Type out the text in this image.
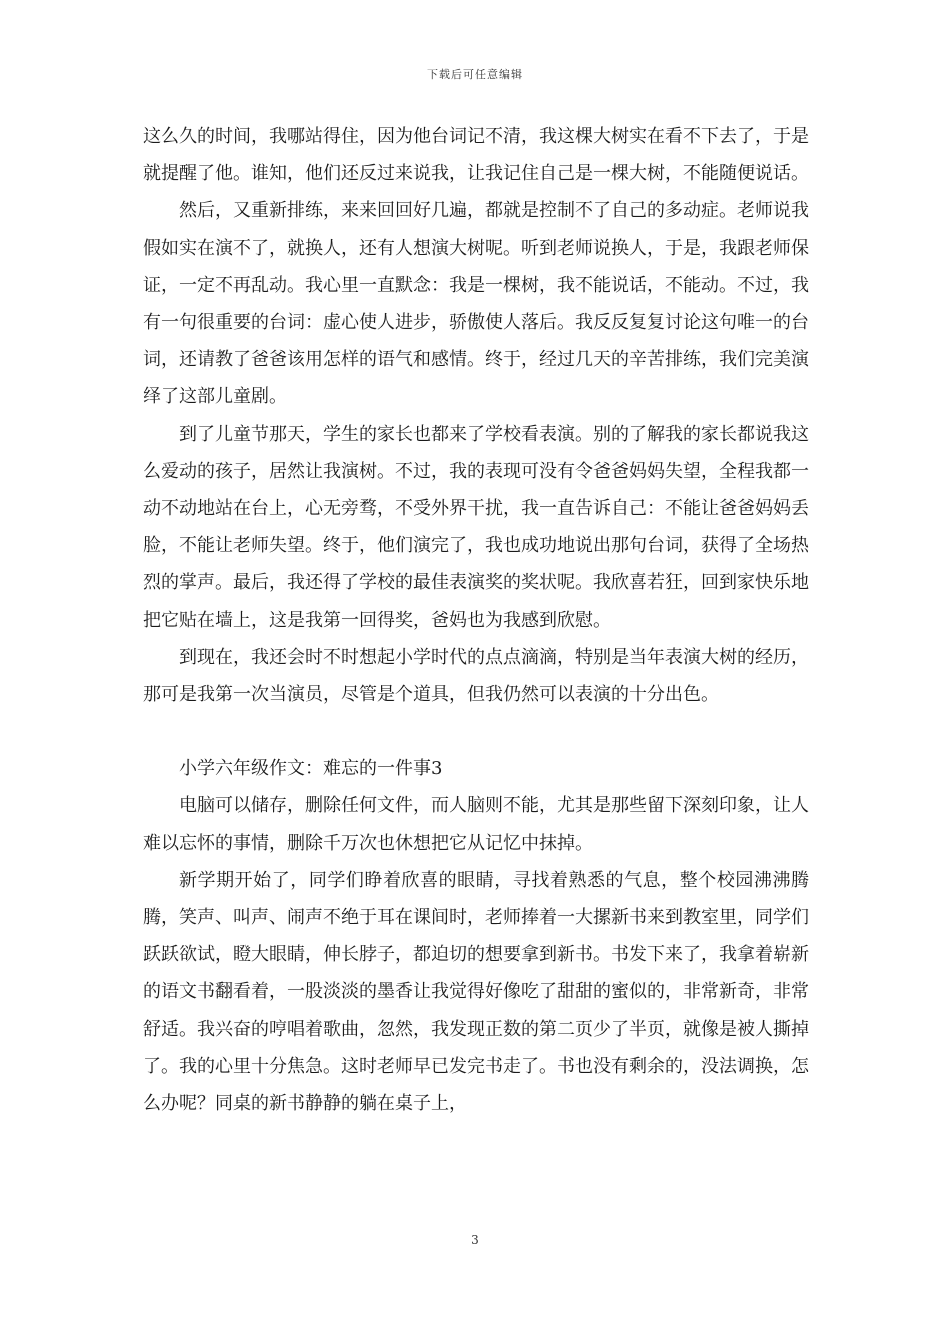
下载后可任意编辑

这么久的时间，我哪站得住，因为他台词记不清，我这棵大树实在看不下去了，于是就提醒了他。谁知，他们还反过来说我，让我记住自己是一棵大树，不能随便说话。

然后，又重新排练，来来回回好几遍，都就是控制不了自己的多动症。老师说我假如实在演不了，就换人，还有人想演大树呢。听到老师说换人，于是，我跟老师保证，一定不再乱动。我心里一直默念：我是一棵树，我不能说话，不能动。不过，我有一句很重要的台词：虚心使人进步，骄傲使人落后。我反反复复讨论这句唯一的台词，还请教了爸爸该用怎样的语气和感情。终于，经过几天的辛苦排练，我们完美演绎了这部儿童剧。

到了儿童节那天，学生的家长也都来了学校看表演。别的了解我的家长都说我这么爱动的孩子，居然让我演树。不过，我的表现可没有令爸爸妈妈失望，全程我都一动不动地站在台上，心无旁骛，不受外界干扰，我一直告诉自己：不能让爸爸妈妈丢脸，不能让老师失望。终于，他们演完了，我也成功地说出那句台词，获得了全场热烈的掌声。最后，我还得了学校的最佳表演奖的奖状呢。我欣喜若狂，回到家快乐地把它贴在墙上，这是我第一回得奖，爸妈也为我感到欣慰。

到现在，我还会时不时想起小学时代的点点滴滴，特别是当年表演大树的经历，那可是我第一次当演员，尽管是个道具，但我仍然可以表演的十分出色。

小学六年级作文：难忘的一件事3

电脑可以储存，删除任何文件，而人脑则不能，尤其是那些留下深刻印象，让人难以忘怀的事情，删除千万次也休想把它从记忆中抹掉。

新学期开始了，同学们睁着欣喜的眼睛，寻找着熟悉的气息，整个校园沸沸腾腾，笑声、叫声、闹声不绝于耳在课间时，老师捧着一大摞新书来到教室里，同学们跃跃欲试，瞪大眼睛，伸长脖子，都迫切的想要拿到新书。书发下来了，我拿着崭新的语文书翻看着，一股淡淡的墨香让我觉得好像吃了甜甜的蜜似的，非常新奇，非常舒适。我兴奋的哼唱着歌曲，忽然，我发现正数的第二页少了半页，就像是被人撕掉了。我的心里十分焦急。这时老师早已发完书走了。书也没有剩余的，没法调换，怎么办呢？同桌的新书静静的躺在桌子上，

3
